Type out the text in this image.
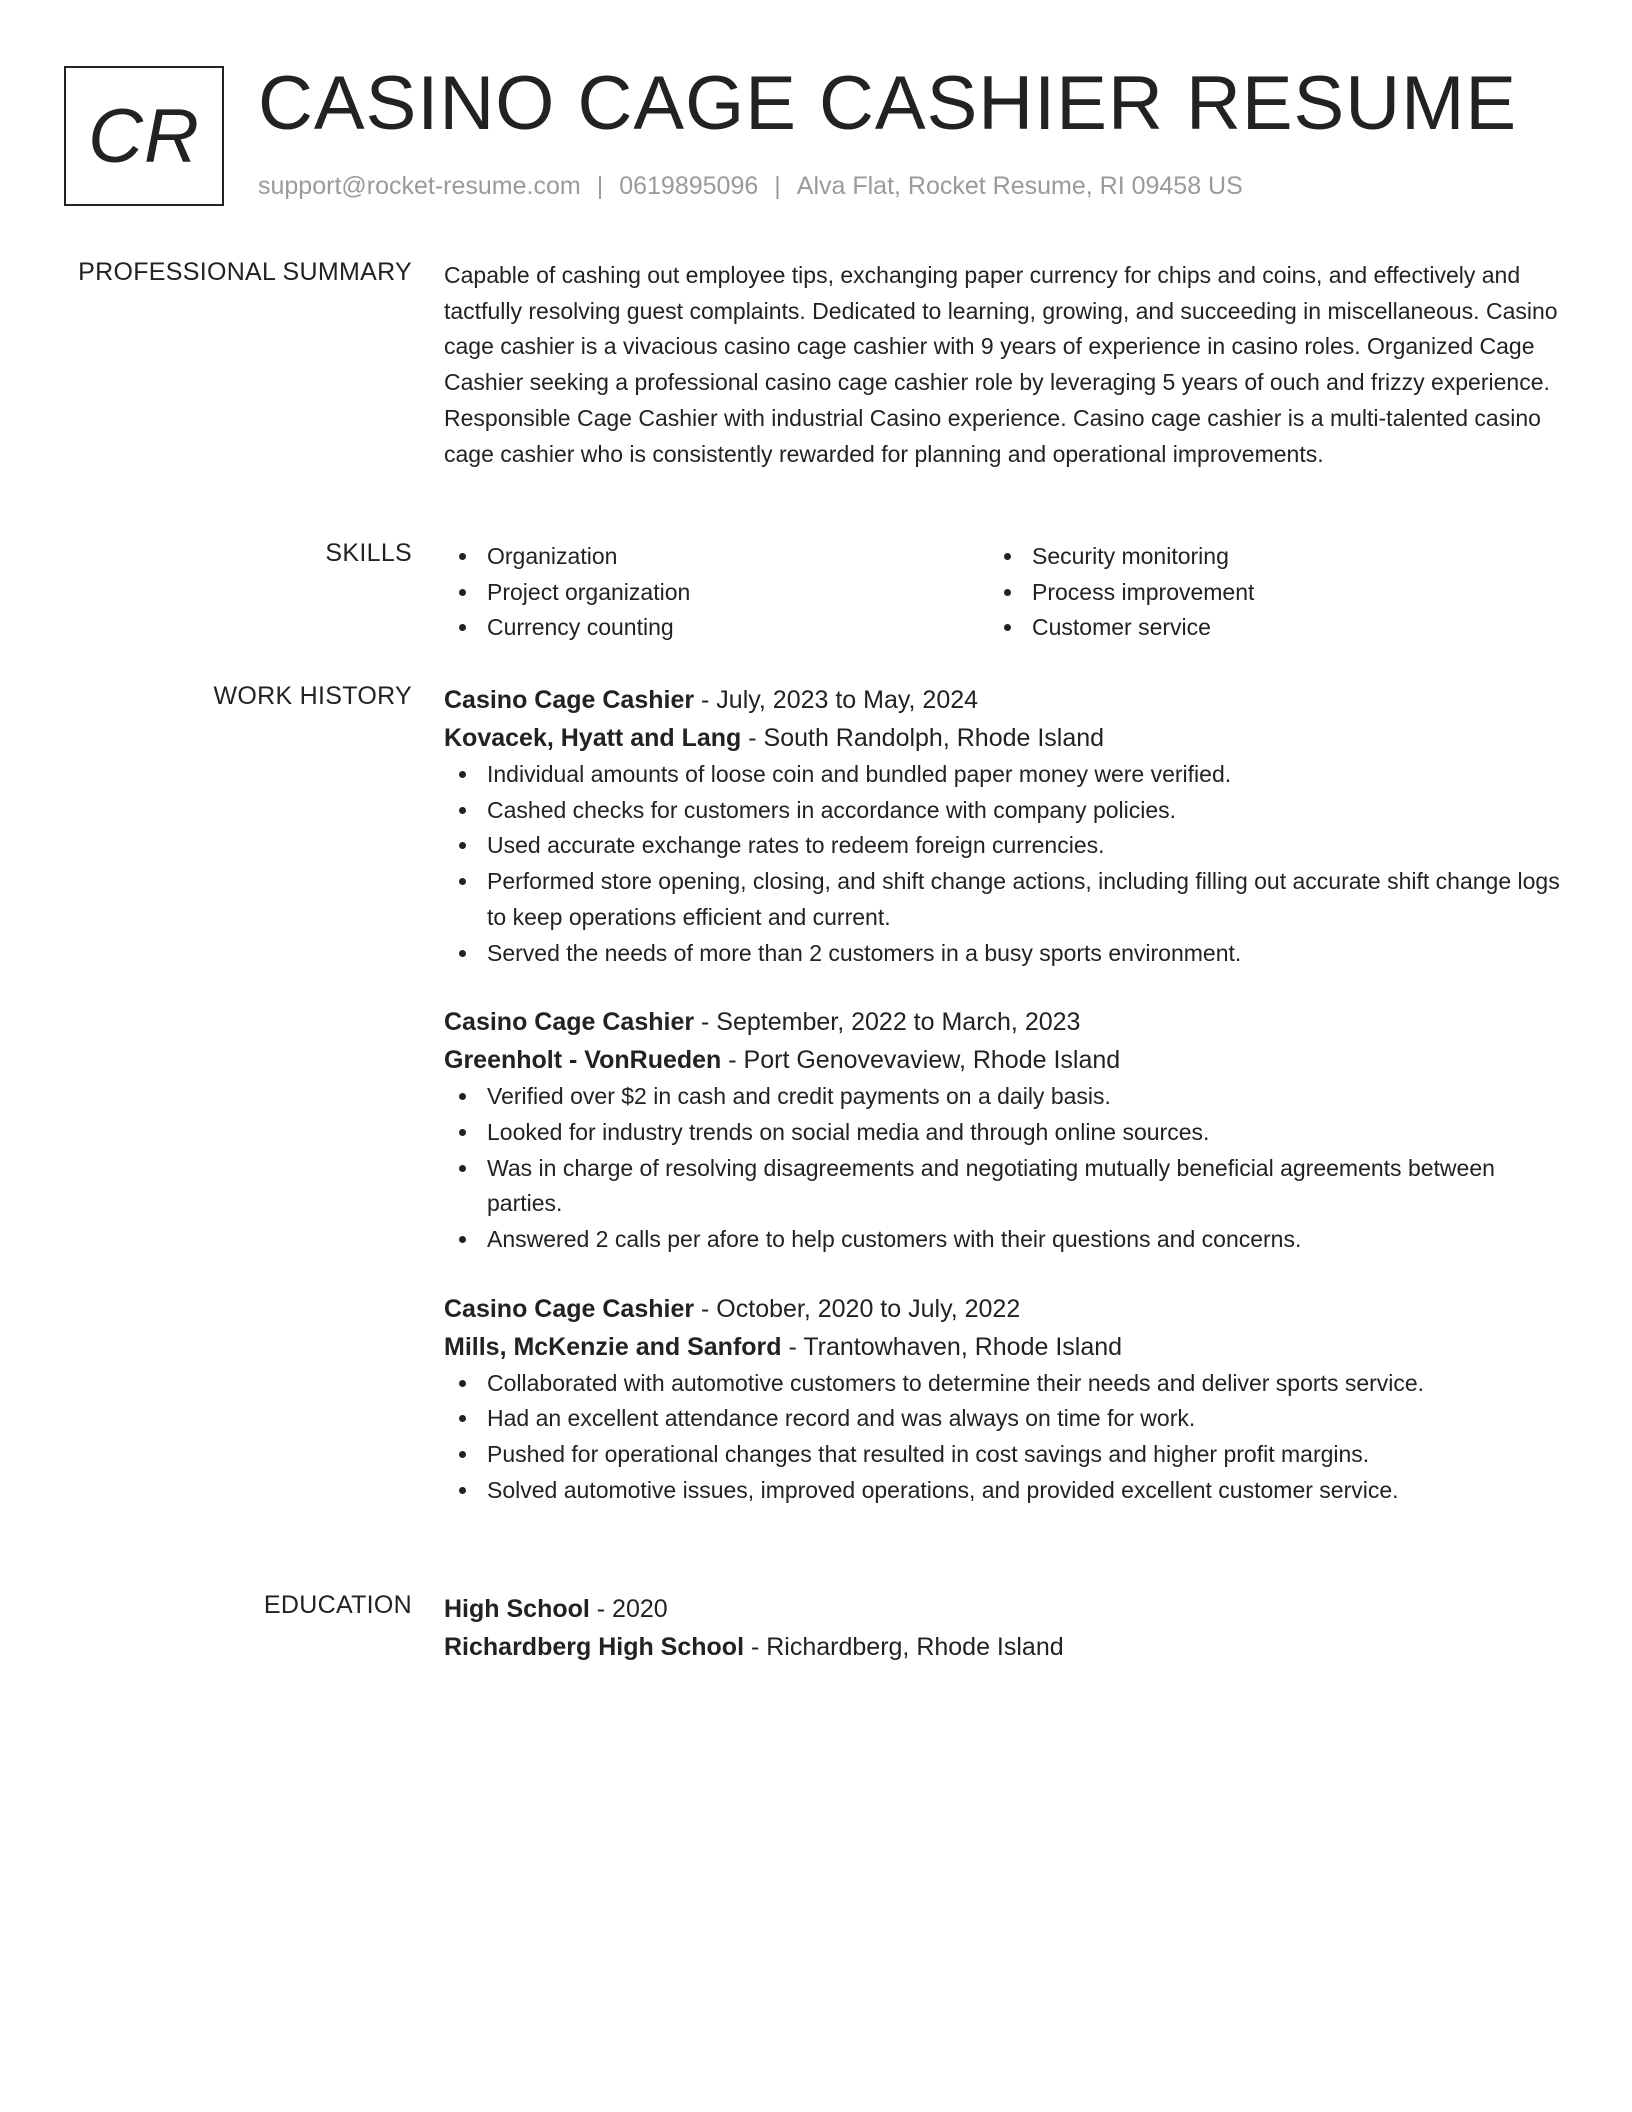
CR CASINO CAGE CASHIER RESUME
support@rocket-resume.com | 0619895096 | Alva Flat, Rocket Resume, RI 09458 US
PROFESSIONAL SUMMARY Capable of cashing out employee tips, exchanging paper currency for chips and coins, and effectively and tactfully resolving guest complaints. Dedicated to learning, growing, and succeeding in miscellaneous. Casino cage cashier is a vivacious casino cage cashier with 9 years of experience in casino roles. Organized Cage Cashier seeking a professional casino cage cashier role by leveraging 5 years of ouch and frizzy experience. Responsible Cage Cashier with industrial Casino experience. Casino cage cashier is a multi-talented casino cage cashier who is consistently rewarded for planning and operational improvements.

SKILLS	Organization
Project organization
Currency counting
Security monitoring
Process improvement
Customer service
WORK HISTORY Casino Cage Cashier - July, 2023 to May, 2024
Kovacek, Hyatt and Lang - South Randolph, Rhode Island
Individual amounts of loose coin and bundled paper money were verified.
Cashed checks for customers in accordance with company policies.
Used accurate exchange rates to redeem foreign currencies.
Performed store opening, closing, and shift change actions, including filling out accurate shift change logs to keep operations efficient and current.
Served the needs of more than 2 customers in a busy sports environment.
Casino Cage Cashier - September, 2022 to March, 2023
Greenholt - VonRueden - Port Genovevaview, Rhode Island
Verified over $2 in cash and credit payments on a daily basis.
Looked for industry trends on social media and through online sources.
Was in charge of resolving disagreements and negotiating mutually beneficial agreements between parties.
Answered 2 calls per afore to help customers with their questions and concerns.
Casino Cage Cashier - October, 2020 to July, 2022
Mills, McKenzie and Sanford - Trantowhaven, Rhode Island
Collaborated with automotive customers to determine their needs and deliver sports service.
Had an excellent attendance record and was always on time for work.
Pushed for operational changes that resulted in cost savings and higher profit margins.
Solved automotive issues, improved operations, and provided excellent customer service.
EDUCATION High School - 2020
Richardberg High School - Richardberg, Rhode Island
